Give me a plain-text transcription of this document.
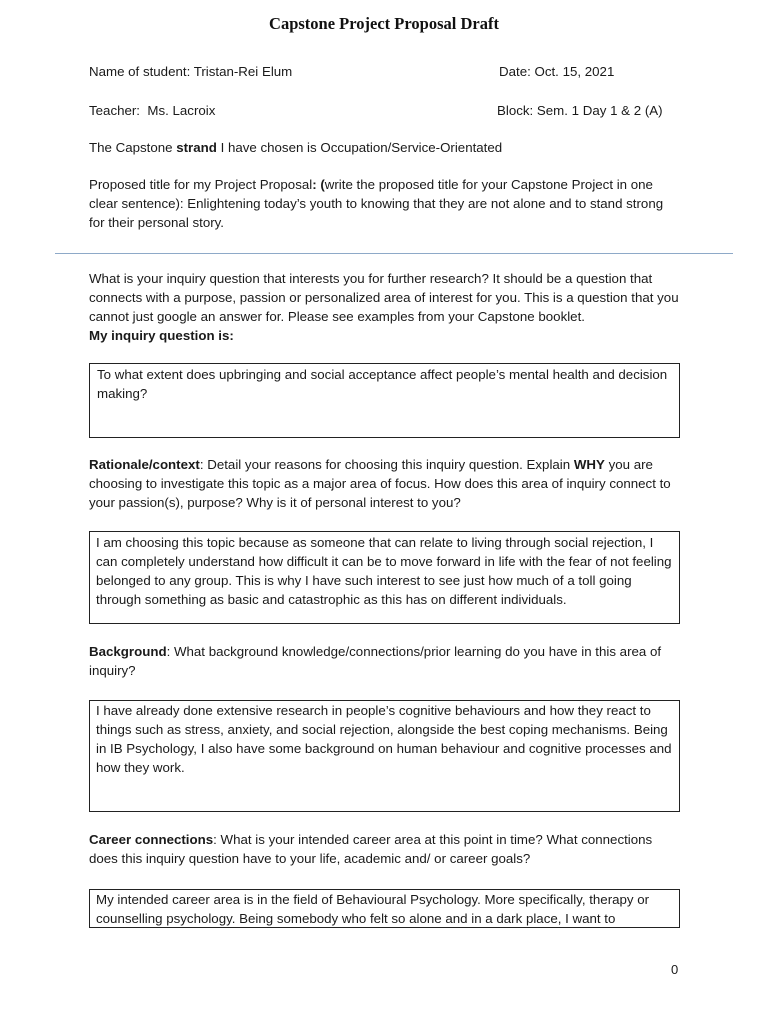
Capstone Project Proposal Draft
Name of student: Tristan-Rei Elum	Date: Oct. 15, 2021
Teacher: Ms. Lacroix	Block: Sem. 1 Day 1 & 2 (A)
The Capstone strand I have chosen is Occupation/Service-Orientated
Proposed title for my Project Proposal: (write the proposed title for your Capstone Project in one clear sentence): Enlightening today’s youth to knowing that they are not alone and to stand strong for their personal story.
What is your inquiry question that interests you for further research? It should be a question that connects with a purpose, passion or personalized area of interest for you. This is a question that you cannot just google an answer for. Please see examples from your Capstone booklet.
My inquiry question is:
To what extent does upbringing and social acceptance affect people’s mental health and decision making?
Rationale/context: Detail your reasons for choosing this inquiry question. Explain WHY you are choosing to investigate this topic as a major area of focus. How does this area of inquiry connect to your passion(s), purpose? Why is it of personal interest to you?
I am choosing this topic because as someone that can relate to living through social rejection, I can completely understand how difficult it can be to move forward in life with the fear of not feeling belonged to any group. This is why I have such interest to see just how much of a toll going through something as basic and catastrophic as this has on different individuals.
Background: What background knowledge/connections/prior learning do you have in this area of inquiry?
I have already done extensive research in people’s cognitive behaviours and how they react to things such as stress, anxiety, and social rejection, alongside the best coping mechanisms. Being in IB Psychology, I also have some background on human behaviour and cognitive processes and how they work.
Career connections: What is your intended career area at this point in time? What connections does this inquiry question have to your life, academic and/ or career goals?
My intended career area is in the field of Behavioural Psychology. More specifically, therapy or counselling psychology. Being somebody who felt so alone and in a dark place, I want to
0
